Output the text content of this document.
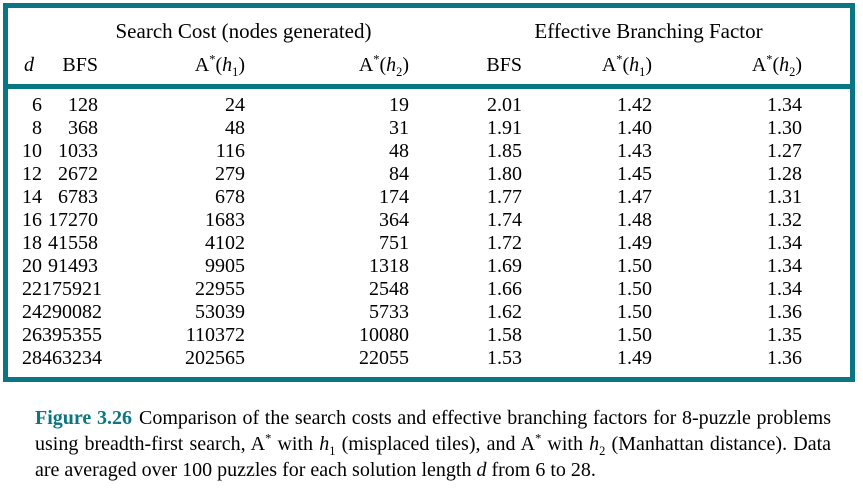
	Search Cost (nodes generated)			Effective Branching Factor		
d	BFS	$A^*(h_1)$	$A^*(h_2)$	BFS	$A^*(h_1)$	$A^*(h_2)$
6	128	24	19	2.01	1.42	1.34
8	368	48	31	1.91	1.40	1.30
10	1033	116	48	1.85	1.43	1.27
12	2672	279	84	1.80	1.45	1.28
14	6783	678	174	1.77	1.47	1.31
16	17270	1683	364	1.74	1.48	1.32
18	41558	4102	751	1.72	1.49	1.34
20	91493	9905	1318	1.69	1.50	1.34
22	175921	22955	2548	1.66	1.50	1.34
24	290082	53039	5733	1.62	1.50	1.36
26	395355	110372	10080	1.58	1.50	1.35
28	463234	202565	22055	1.53	1.49	1.36
Figure 3.26 Comparison of the search costs and effective branching factors for 8-puzzle problems using breadth-first search, A* with $h_1$ (misplaced tiles), and A* with $h_2$ (Manhattan distance). Data are averaged over 100 puzzles for each solution length d from 6 to 28.
